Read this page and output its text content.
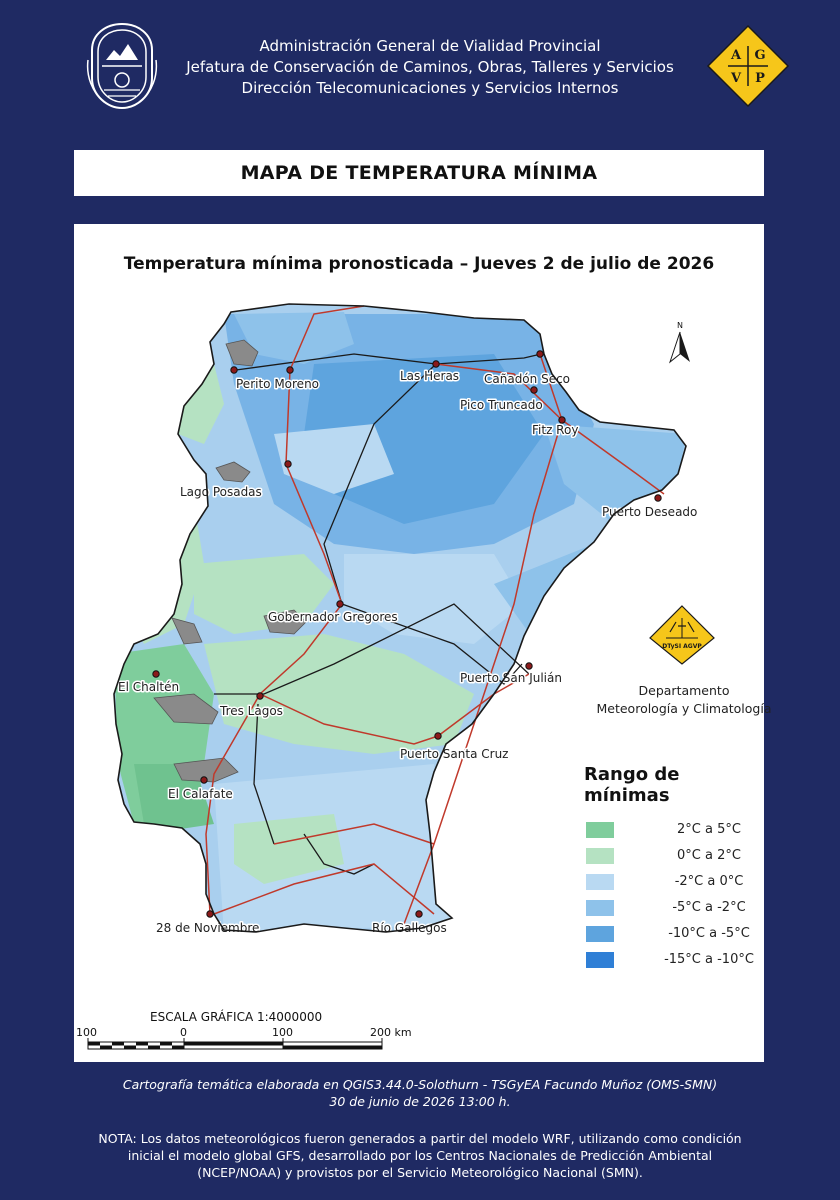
Administración General de Vialidad Provincial
Jefatura de Conservación de Caminos, Obras, Talleres y Servicios
Dirección Telecomunicaciones y Servicios Internos
A G
V P
MAPA DE TEMPERATURA MÍNIMA
Temperatura mínima pronosticada – Jueves 2 de julio de 2026
Perito Moreno
Las Heras Cañadón Seco
Pico Truncado
Fitz Roy
Lago Posadas
Puerto Deseado
Gobernador Gregores
Puerto San Julián
El Chaltén
Tres Lagos
Puerto Santa Cruz
El Calafate
28 de Noviembre	Río Gallegos
N
ESCALA GRÁFICA 1:4000000
100	0	100	200 km
DTySI AGVP
Departamento
Meteorología y Climatología
Rango de mínimas
2°C a 5°C
0°C a 2°C
-2°C a 0°C
-5°C a -2°C
-10°C a -5°C
-15°C a -10°C
Cartografía temática elaborada en QGIS3.44.0-Solothurn - TSGyEA Facundo Muñoz (OMS-SMN)
30 de junio de 2026 13:00 h.
NOTA: Los datos meteorológicos fueron generados a partir del modelo WRF, utilizando como condición
inicial el modelo global GFS, desarrollado por los Centros Nacionales de Predicción Ambiental
(NCEP/NOAA) y provistos por el Servicio Meteorológico Nacional (SMN).
